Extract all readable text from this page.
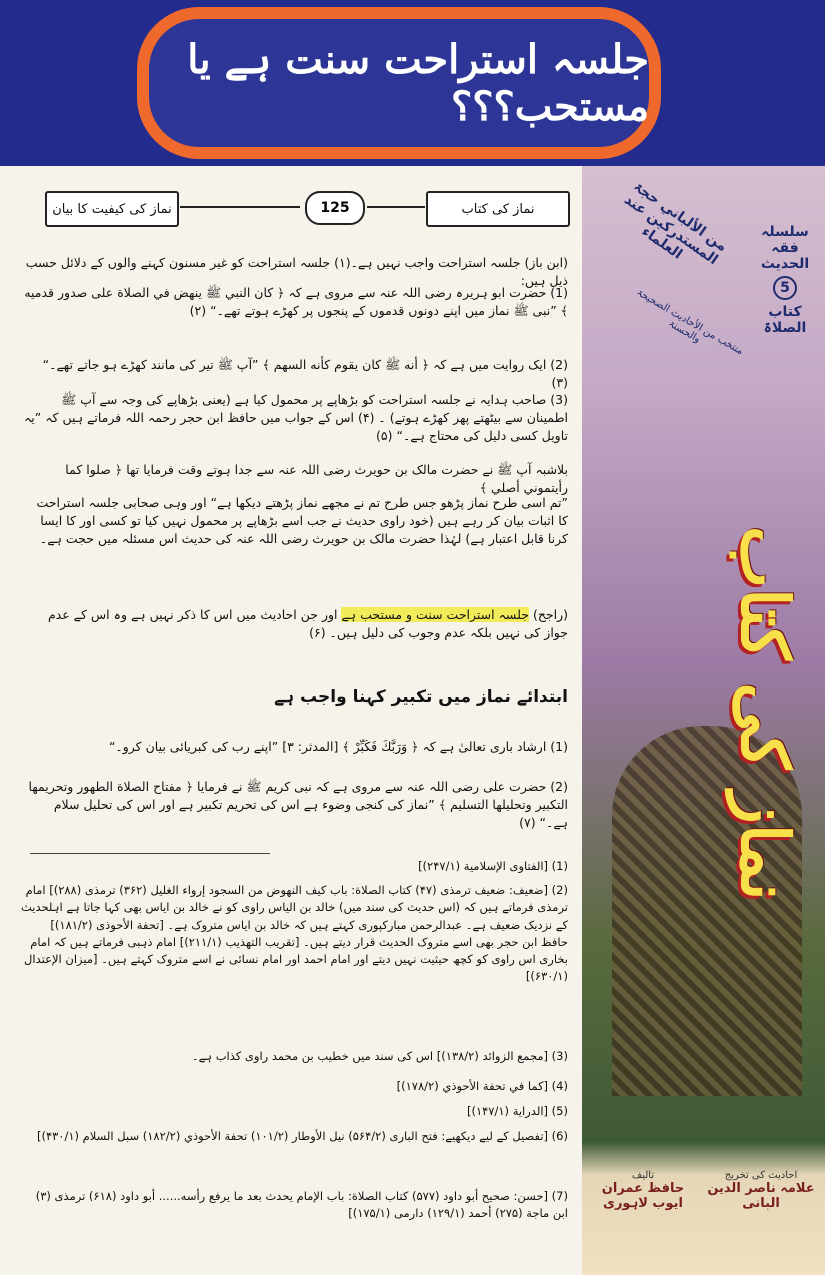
جلسہ استراحت سنت ہے یا مستحب؟؟؟
نماز کی کیفیت کا بیان	125	نماز کی کتاب
(ابن باز) جلسہ استراحت واجب نہیں ہے۔(۱) جلسہ استراحت کو غیر مسنون کہنے والوں کے دلائل حسب ذیل ہیں:
(1) حضرت ابو ہریرہ رضی اللہ عنہ سے مروی ہے کہ ﴿ كان النبي ﷺ ينهض في الصلاة على صدور قدميه ﴾ ”نبی ﷺ نماز میں اپنے دونوں قدموں کے پنجوں پر کھڑے ہوتے تھے۔“ (۲)
(2) ایک روایت میں ہے کہ ﴿ أنه ﷺ كان يقوم كأنه السهم ﴾ ”آپ ﷺ تیر کی مانند کھڑے ہو جاتے تھے۔“ (۳)
(3) صاحب ہدایہ نے جلسہ استراحت کو بڑھاپے پر محمول کیا ہے (یعنی بڑھاپے کی وجہ سے آپ ﷺ اطمینان سے بیٹھتے پھر کھڑے ہوتے) ۔ (۴) اس کے جواب میں حافظ ابن حجر رحمہ اللہ فرماتے ہیں کہ ”یہ تاویل کسی دلیل کی محتاج ہے۔“ (۵)
بلاشبہ آپ ﷺ نے حضرت مالک بن حویرث رضی اللہ عنہ سے جدا ہوتے وقت فرمایا تھا ﴿ صلوا كما رأيتموني أصلي ﴾
”تم اسی طرح نماز پڑھو جس طرح تم نے مجھے نماز پڑھتے دیکھا ہے“ اور وہی صحابی جلسہ استراحت کا اثبات بیان کر رہے ہیں (خود راوی حدیث نے جب اسے بڑھاپے پر محمول نہیں کیا تو کسی اور کا ایسا کرنا قابل اعتبار ہے) لہٰذا حضرت مالک بن حویرث رضی اللہ عنہ کی حدیث اس مسئلہ میں حجت ہے۔
(راجح) جلسہ استراحت سنت و مستحب ہے اور جن احادیث میں اس کا ذکر نہیں ہے وہ اس کے عدم جواز کی نہیں بلکہ عدم وجوب کی دلیل ہیں۔ (۶)
ابتدائے نماز میں تکبیر کہنا واجب ہے
(1) ارشاد باری تعالیٰ ہے کہ ﴿ وَرَبَّكَ فَكَبِّرْ ﴾ [المدثر: ۳] ”اپنے رب کی کبریائی بیان کرو۔“
(2) حضرت علی رضی اللہ عنہ سے مروی ہے کہ نبی کریم ﷺ نے فرمایا ﴿ مفتاح الصلاة الطهور وتحريمها التكبير وتحليلها التسليم ﴾ ”نماز کی کنجی وضوء ہے اس کی تحریم تکبیر ہے اور اس کی تحلیل سلام ہے۔“ (۷)
(1) [الفتاوى الإسلامية (۲۴۷/۱)]
(2) [ضعيف: ضعيف ترمذی (۴۷) كتاب الصلاة: باب كيف النهوض من السجود إرواء الغليل (۳۶۲) ترمذی (۲۸۸)] امام ترمذی فرماتے ہیں کہ (اس حدیث کی سند میں) خالد بن الیاس راوی کو نے خالد بن ایاس بھی کہا جاتا ہے اہلحدیث کے نزدیک ضعیف ہے۔ عبدالرحمن مبارکپوری کہتے ہیں کہ خالد بن ایاس متروک ہے۔ [تحفة الأحوذی (۱۸۱/۲)] حافظ ابن حجر بھی اسے متروک الحدیث قرار دیتے ہیں۔ [تقریب التهذیب (۲۱۱/۱)] امام ذہبی فرماتے ہیں کہ امام بخاری اس راوی کو کچھ حیثیت نہیں دیتے اور امام احمد اور امام نسائی نے اسے متروک کہتے ہیں۔ [میزان الإعتدال (۶۳۰/۱)]
(3) [مجمع الزوائد (۱۳۸/۲)] اس کی سند میں خطیب بن محمد راوی کذاب ہے۔
(4) [كما في تحفة الأحوذي (۱۷۸/۲)]
(5) [الدراية (۱۴۷/۱)]
(6) [تفصیل کے لیے دیکھیے: فتح الباری (۵۶۴/۲) نیل الأوطار (۱۰۱/۲) تحفة الأحوذي (۱۸۲/۲) سبل السلام (۴۳۰/۱)]
(7) [حسن: صحیح أبو داود (۵۷۷) کتاب الصلاة: باب الإمام يحدث بعد ما يرفع رأسه...... أبو داود (۶۱۸) ترمذی (۳) ابن ماجة (۲۷۵) أحمد (۱۲۹/۱) دارمی (۱۷۵/۱)]
سلسلہ
فقہ الحدیث
5
کتاب الصلاۃ
من الألباني حجۃ المستدرکین عند العلماء
منتخب من الأحادیث الصحیحۃ والحسنۃ
نماز کی کتاب
احادیث کی تخریج
علامہ ناصر الدین البانی
تالیف
حافظ عمران ایوب لاہوری
